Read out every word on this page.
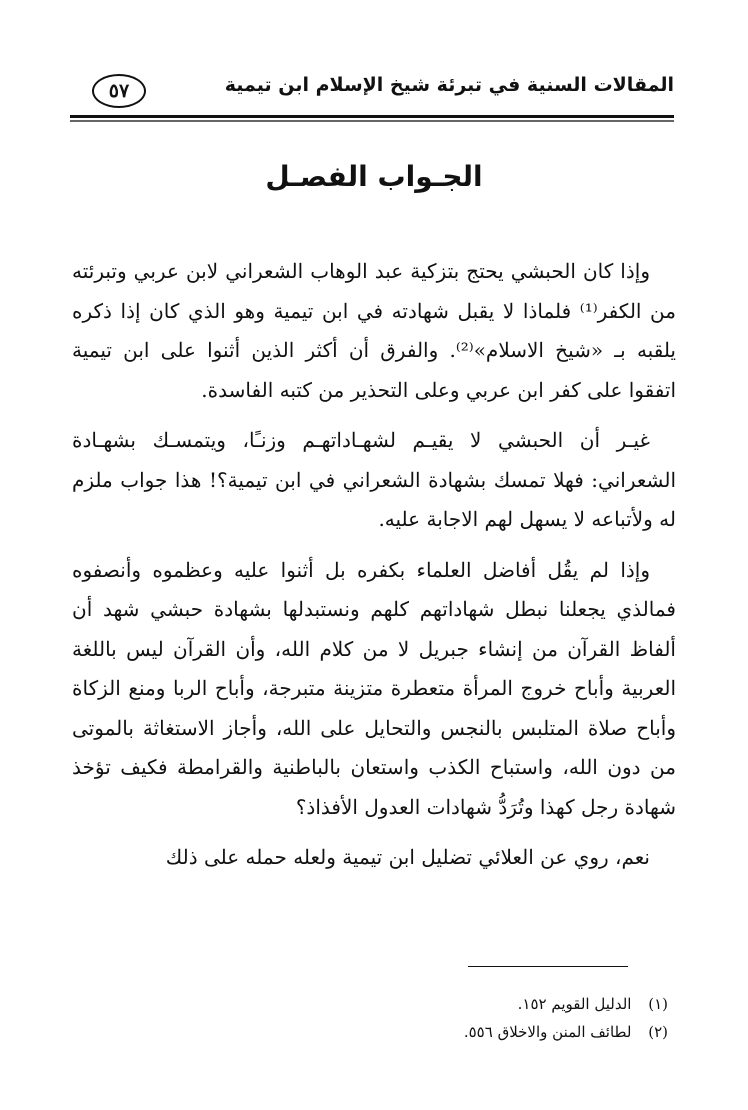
٥٧	المقالات السنية في تبرئة شيخ الإسلام ابن تيمية
الجـواب الفصـل

وإذا كان الحبشي يحتج بتزكية عبد الوهاب الشعراني لابن عربي وتبرئته من الكفر⁽¹⁾ فلماذا لا يقبل شهادته في ابن تيمية وهو الذي كان إذا ذكره يلقبه بـ «شيخ الاسلام»⁽²⁾. والفرق أن أكثر الذين أثنوا على ابن تيمية اتفقوا على كفر ابن عربي وعلى التحذير من كتبه الفاسدة.

غيـر أن الحبشي لا يقيـم لشهـاداتهـم وزنـًا، ويتمسـك بشهـادة الشعراني: فهلا تمسك بشهادة الشعراني في ابن تيمية؟! هذا جواب ملزم له ولأتباعه لا يسهل لهم الاجابة عليه.

وإذا لم يقُل أفاضل العلماء بكفره بل أثنوا عليه وعظموه وأنصفوه فمالذي يجعلنا نبطل شهاداتهم كلهم ونستبدلها بشهادة حبشي شهد أن ألفاظ القرآن من إنشاء جبريل لا من كلام الله، وأن القرآن ليس باللغة العربية وأباح خروج المرأة متعطرة متزينة متبرجة، وأباح الربا ومنع الزكاة وأباح صلاة المتلبس بالنجس والتحايل على الله، وأجاز الاستغاثة بالموتى من دون الله، واستباح الكذب واستعان بالباطنية والقرامطة فكيف تؤخذ شهادة رجل كهذا وتُرَدُّ شهادات العدول الأفذاذ؟

نعم، روي عن العلائي تضليل ابن تيمية ولعله حمله على ذلك

(١) الدليل القويم ١٥٢.
(٢) لطائف المنن والاخلاق ٥٥٦.
